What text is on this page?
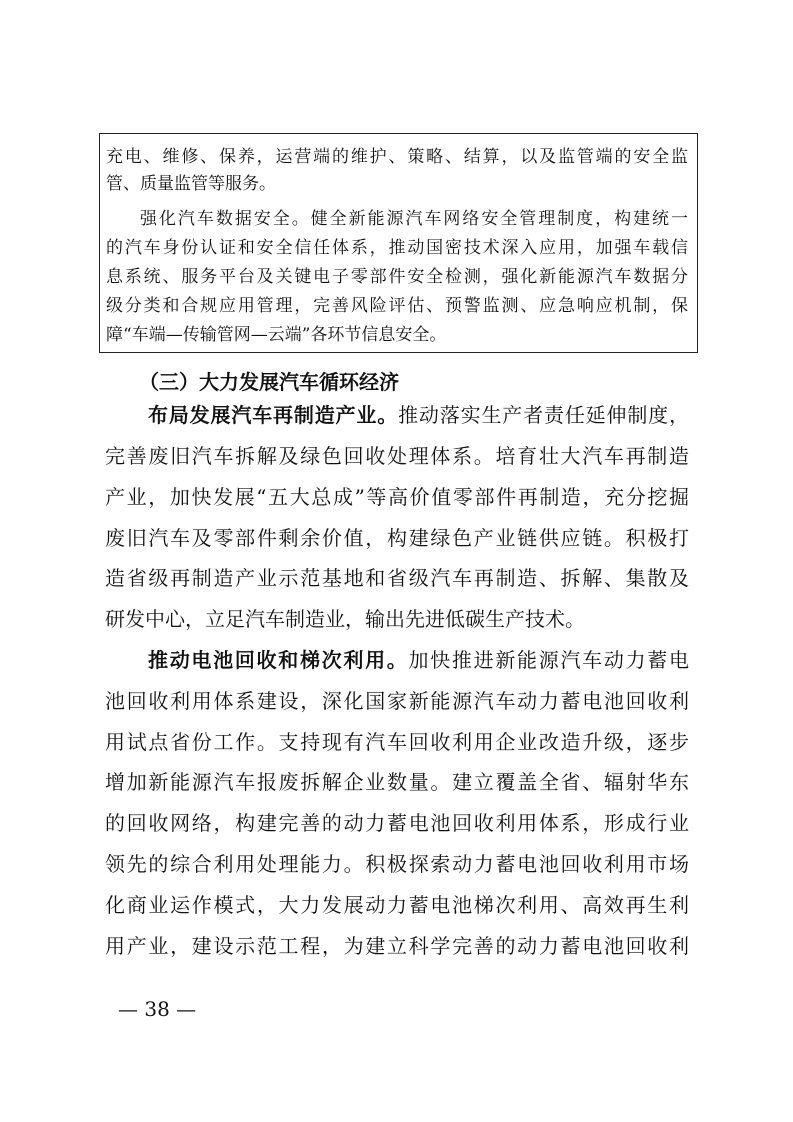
充电、维修、保养，运营端的维护、策略、结算，以及监管端的安全监
管、质量监管等服务。
强化汽车数据安全。健全新能源汽车网络安全管理制度，构建统一
的汽车身份认证和安全信任体系，推动国密技术深入应用，加强车载信
息系统、服务平台及关键电子零部件安全检测，强化新能源汽车数据分
级分类和合规应用管理，完善风险评估、预警监测、应急响应机制，保
障“车端—传输管网—云端”各环节信息安全。
（三）大力发展汽车循环经济
布局发展汽车再制造产业。推动落实生产者责任延伸制度，
完善废旧汽车拆解及绿色回收处理体系。培育壮大汽车再制造
产业，加快发展“五大总成”等高价值零部件再制造，充分挖掘
废旧汽车及零部件剩余价值，构建绿色产业链供应链。积极打
造省级再制造产业示范基地和省级汽车再制造、拆解、集散及
研发中心，立足汽车制造业，输出先进低碳生产技术。
推动电池回收和梯次利用。加快推进新能源汽车动力蓄电
池回收利用体系建设，深化国家新能源汽车动力蓄电池回收利
用试点省份工作。支持现有汽车回收利用企业改造升级，逐步
增加新能源汽车报废拆解企业数量。建立覆盖全省、辐射华东
的回收网络，构建完善的动力蓄电池回收利用体系，形成行业
领先的综合利用处理能力。积极探索动力蓄电池回收利用市场
化商业运作模式，大力发展动力蓄电池梯次利用、高效再生利
用产业，建设示范工程，为建立科学完善的动力蓄电池回收利
— 38 —
